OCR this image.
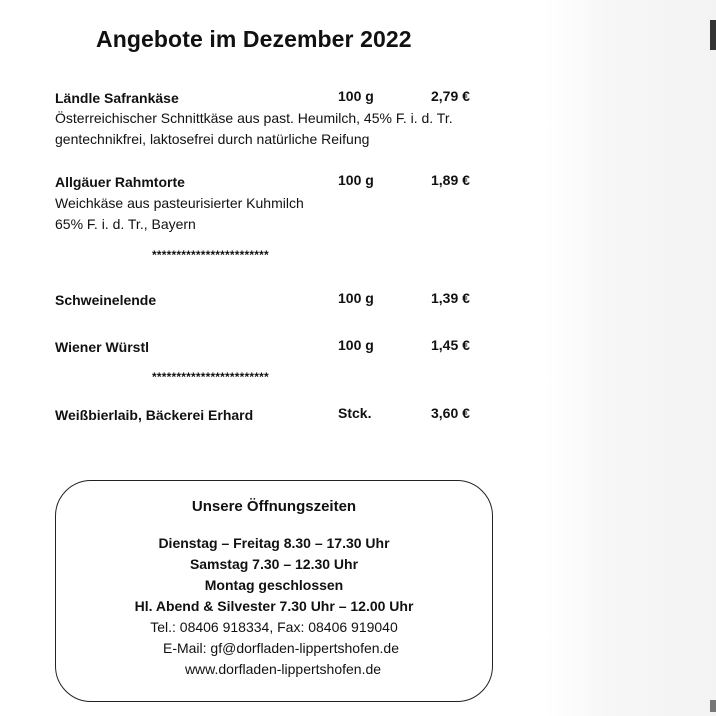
Angebote im Dezember 2022
Ländle Safrankäse	100 g	2,79 €
Österreichischer Schnittkäse aus past. Heumilch, 45% F. i. d. Tr.
gentechnikfrei, laktosefrei durch natürliche Reifung
Allgäuer Rahmtorte	100 g	1,89 €
Weichkäse aus pasteurisierter Kuhmilch
65% F. i. d. Tr., Bayern
************************
Schweinelende	100 g	1,39 €
Wiener Würstl	100 g	1,45 €
************************
Weißbierlaib, Bäckerei Erhard	Stck.	3,60 €
Unsere Öffnungszeiten
Dienstag – Freitag 8.30 – 17.30 Uhr
Samstag 7.30 – 12.30 Uhr
Montag geschlossen
Hl. Abend & Silvester 7.30 Uhr – 12.00 Uhr
Tel.: 08406 918334, Fax: 08406 919040
E-Mail: gf@dorfladen-lippertshofen.de
www.dorfladen-lippertshofen.de
